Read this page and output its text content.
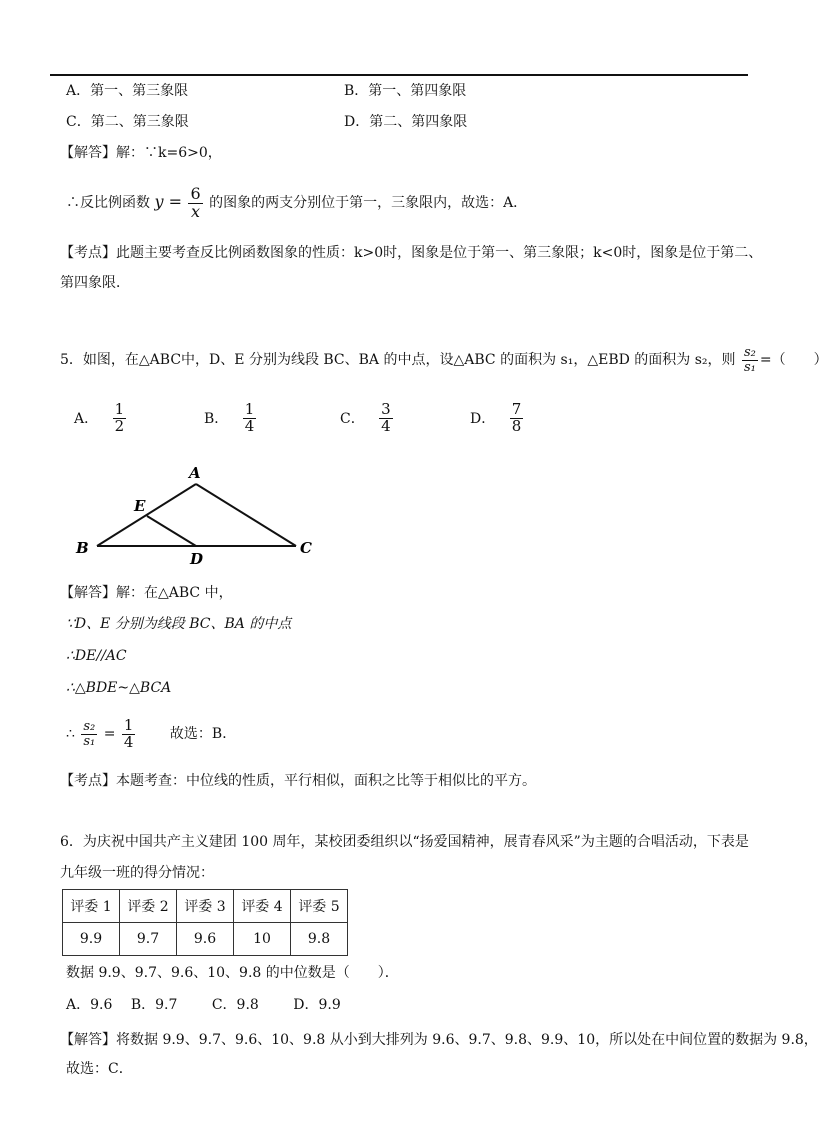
A．第一、第三象限	B．第一、第四象限
C．第二、第三象限	D．第二、第四象限
【解答】解：∵k=6>0，
∴反比例函数 $y = \frac{6}{x}$ 的图象的两支分别位于第一，三象限内，故选：A．
【考点】此题主要考查反比例函数图象的性质：k>0时，图象是位于第一、第三象限；k<0时，图象是位于第二、
第四象限．
5．如图，在△ABC中，D、E 分别为线段 BC、BA 的中点，设△ABC 的面积为 s₁，△EBD 的面积为 s₂，则 $\frac{\text{s₂}}{\text{s₁}}$ =（　　）
A． $\frac{1}{2}$	B． $\frac{1}{4}$	C． $\frac{3}{4}$	D． $\frac{7}{8}$
A
B	C
D
E
【解答】解：在△ABC 中，
∵D、E 分别为线段 BC、BA 的中点
∴DE//AC
∴△BDE~△BCA
∴ $\frac{\text{s₂}}{\text{s₁}} = \frac{1}{4}$ 故选：B．
【考点】本题考查：中位线的性质，平行相似，面积之比等于相似比的平方。
6．为庆祝中国共产主义建团 100 周年，某校团委组织以“扬爱国精神，展青春风采”为主题的合唱活动，下表是
九年级一班的得分情况：
评委 1	评委 2	评委 3	评委 4	评委 5
9.9	9.7	9.6	10	9.8
数据 9.9、9.7、9.6、10、9.8 的中位数是（　　）．
A．9.6 B．9.7 C．9.8 D．9.9
【解答】将数据 9.9、9.7、9.6、10、9.8 从小到大排列为 9.6、9.7、9.8、9.9、10，所以处在中间位置的数据为 9.8，
故选：C．
